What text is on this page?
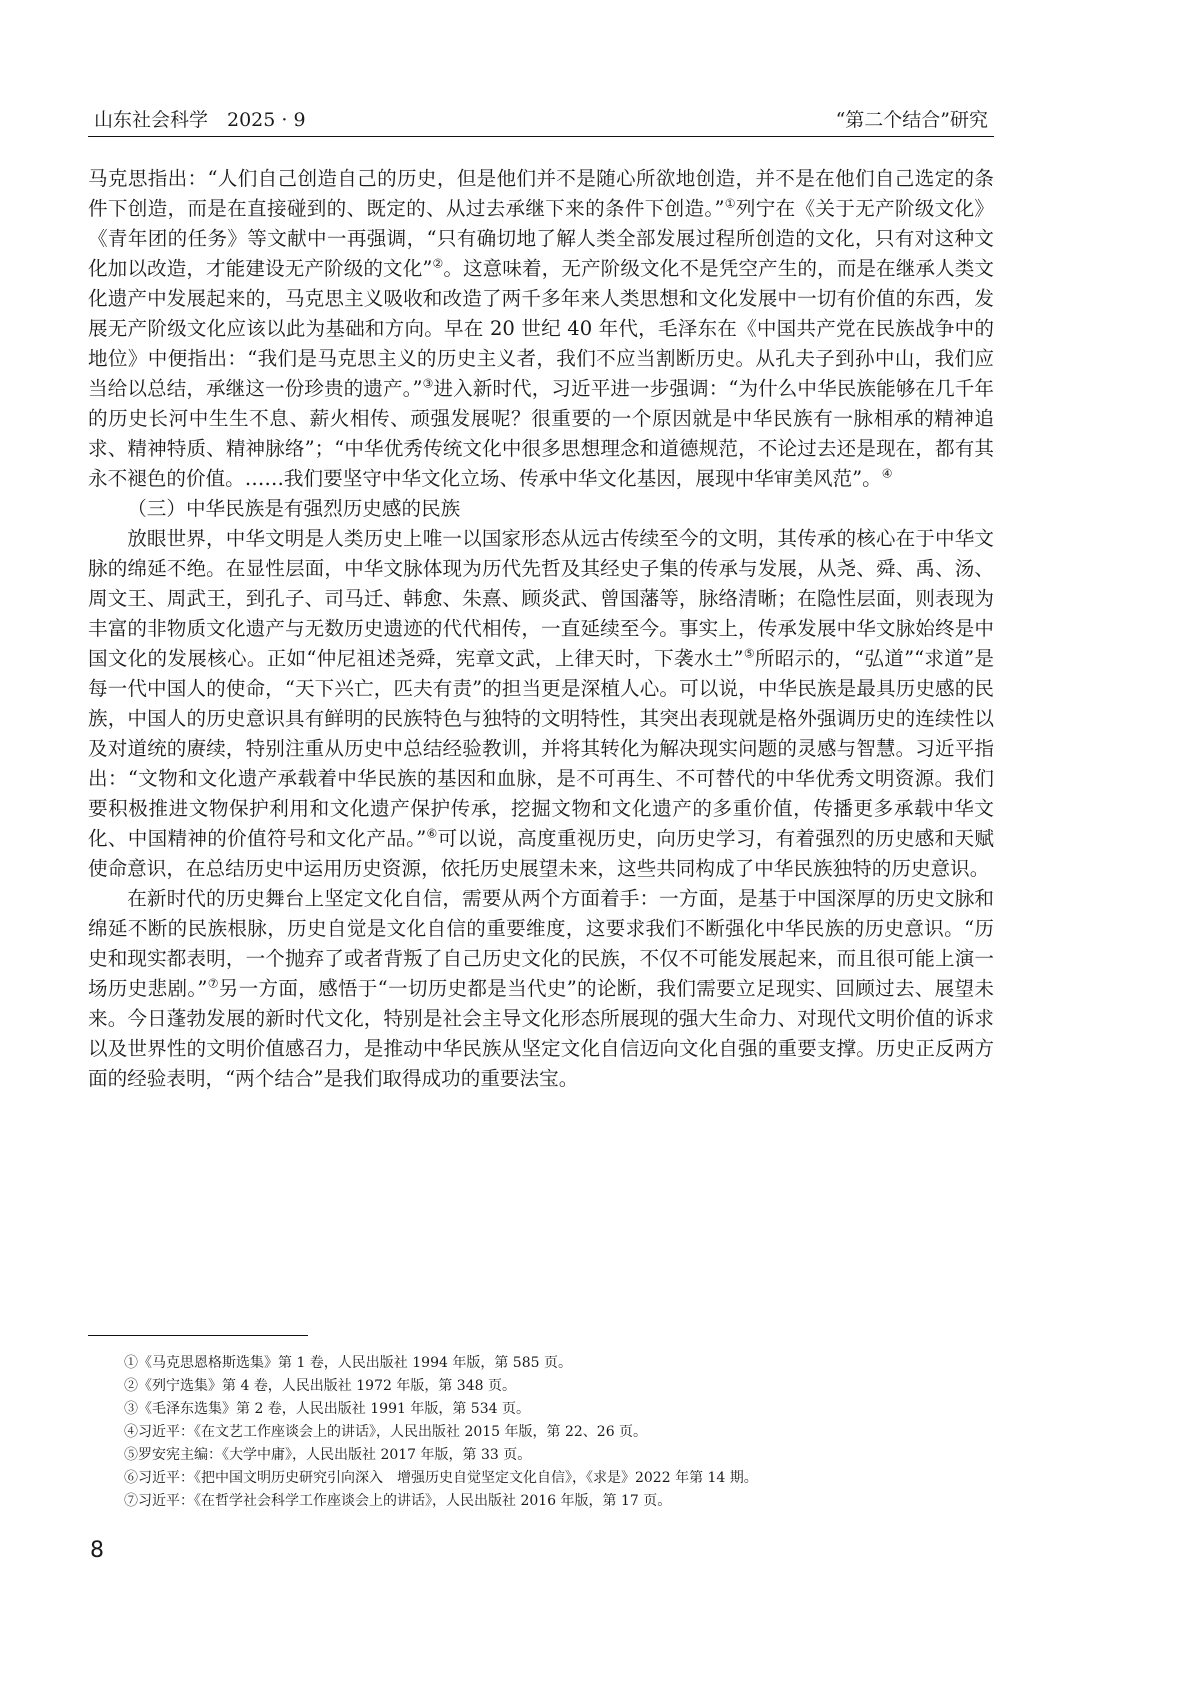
山东社会科学　2025 · 9	“第二个结合”研究

马克思指出：“人们自己创造自己的历史，但是他们并不是随心所欲地创造，并不是在他们自己选定的条件下创造，而是在直接碰到的、既定的、从过去承继下来的条件下创造。”①列宁在《关于无产阶级文化》《青年团的任务》等文献中一再强调，“只有确切地了解人类全部发展过程所创造的文化，只有对这种文化加以改造，才能建设无产阶级的文化”②。这意味着，无产阶级文化不是凭空产生的，而是在继承人类文化遗产中发展起来的，马克思主义吸收和改造了两千多年来人类思想和文化发展中一切有价值的东西，发展无产阶级文化应该以此为基础和方向。早在 20 世纪 40 年代，毛泽东在《中国共产党在民族战争中的地位》中便指出：“我们是马克思主义的历史主义者，我们不应当割断历史。从孔夫子到孙中山，我们应当给以总结，承继这一份珍贵的遗产。”③进入新时代，习近平进一步强调：“为什么中华民族能够在几千年的历史长河中生生不息、薪火相传、顽强发展呢？很重要的一个原因就是中华民族有一脉相承的精神追求、精神特质、精神脉络”；“中华优秀传统文化中很多思想理念和道德规范，不论过去还是现在，都有其永不褪色的价值。……我们要坚守中华文化立场、传承中华文化基因，展现中华审美风范”。④

（三）中华民族是有强烈历史感的民族

放眼世界，中华文明是人类历史上唯一以国家形态从远古传续至今的文明，其传承的核心在于中华文脉的绵延不绝。在显性层面，中华文脉体现为历代先哲及其经史子集的传承与发展，从尧、舜、禹、汤、周文王、周武王，到孔子、司马迁、韩愈、朱熹、顾炎武、曾国藩等，脉络清晰；在隐性层面，则表现为丰富的非物质文化遗产与无数历史遗迹的代代相传，一直延续至今。事实上，传承发展中华文脉始终是中国文化的发展核心。正如“仲尼祖述尧舜，宪章文武，上律天时，下袭水土”⑤所昭示的，“弘道”“求道”是每一代中国人的使命，“天下兴亡，匹夫有责”的担当更是深植人心。可以说，中华民族是最具历史感的民族，中国人的历史意识具有鲜明的民族特色与独特的文明特性，其突出表现就是格外强调历史的连续性以及对道统的赓续，特别注重从历史中总结经验教训，并将其转化为解决现实问题的灵感与智慧。习近平指出：“文物和文化遗产承载着中华民族的基因和血脉，是不可再生、不可替代的中华优秀文明资源。我们要积极推进文物保护利用和文化遗产保护传承，挖掘文物和文化遗产的多重价值，传播更多承载中华文化、中国精神的价值符号和文化产品。”⑥可以说，高度重视历史，向历史学习，有着强烈的历史感和天赋使命意识，在总结历史中运用历史资源，依托历史展望未来，这些共同构成了中华民族独特的历史意识。

在新时代的历史舞台上坚定文化自信，需要从两个方面着手：一方面，是基于中国深厚的历史文脉和绵延不断的民族根脉，历史自觉是文化自信的重要维度，这要求我们不断强化中华民族的历史意识。“历史和现实都表明，一个抛弃了或者背叛了自己历史文化的民族，不仅不可能发展起来，而且很可能上演一场历史悲剧。”⑦另一方面，感悟于“一切历史都是当代史”的论断，我们需要立足现实、回顾过去、展望未来。今日蓬勃发展的新时代文化，特别是社会主导文化形态所展现的强大生命力、对现代文明价值的诉求以及世界性的文明价值感召力，是推动中华民族从坚定文化自信迈向文化自强的重要支撑。历史正反两方面的经验表明，“两个结合”是我们取得成功的重要法宝。

①《马克思恩格斯选集》第 1 卷，人民出版社 1994 年版，第 585 页。
②《列宁选集》第 4 卷，人民出版社 1972 年版，第 348 页。
③《毛泽东选集》第 2 卷，人民出版社 1991 年版，第 534 页。
④习近平：《在文艺工作座谈会上的讲话》，人民出版社 2015 年版，第 22、26 页。
⑤罗安宪主编：《大学中庸》，人民出版社 2017 年版，第 33 页。
⑥习近平：《把中国文明历史研究引向深入　增强历史自觉坚定文化自信》，《求是》2022 年第 14 期。
⑦习近平：《在哲学社会科学工作座谈会上的讲话》，人民出版社 2016 年版，第 17 页。
8
